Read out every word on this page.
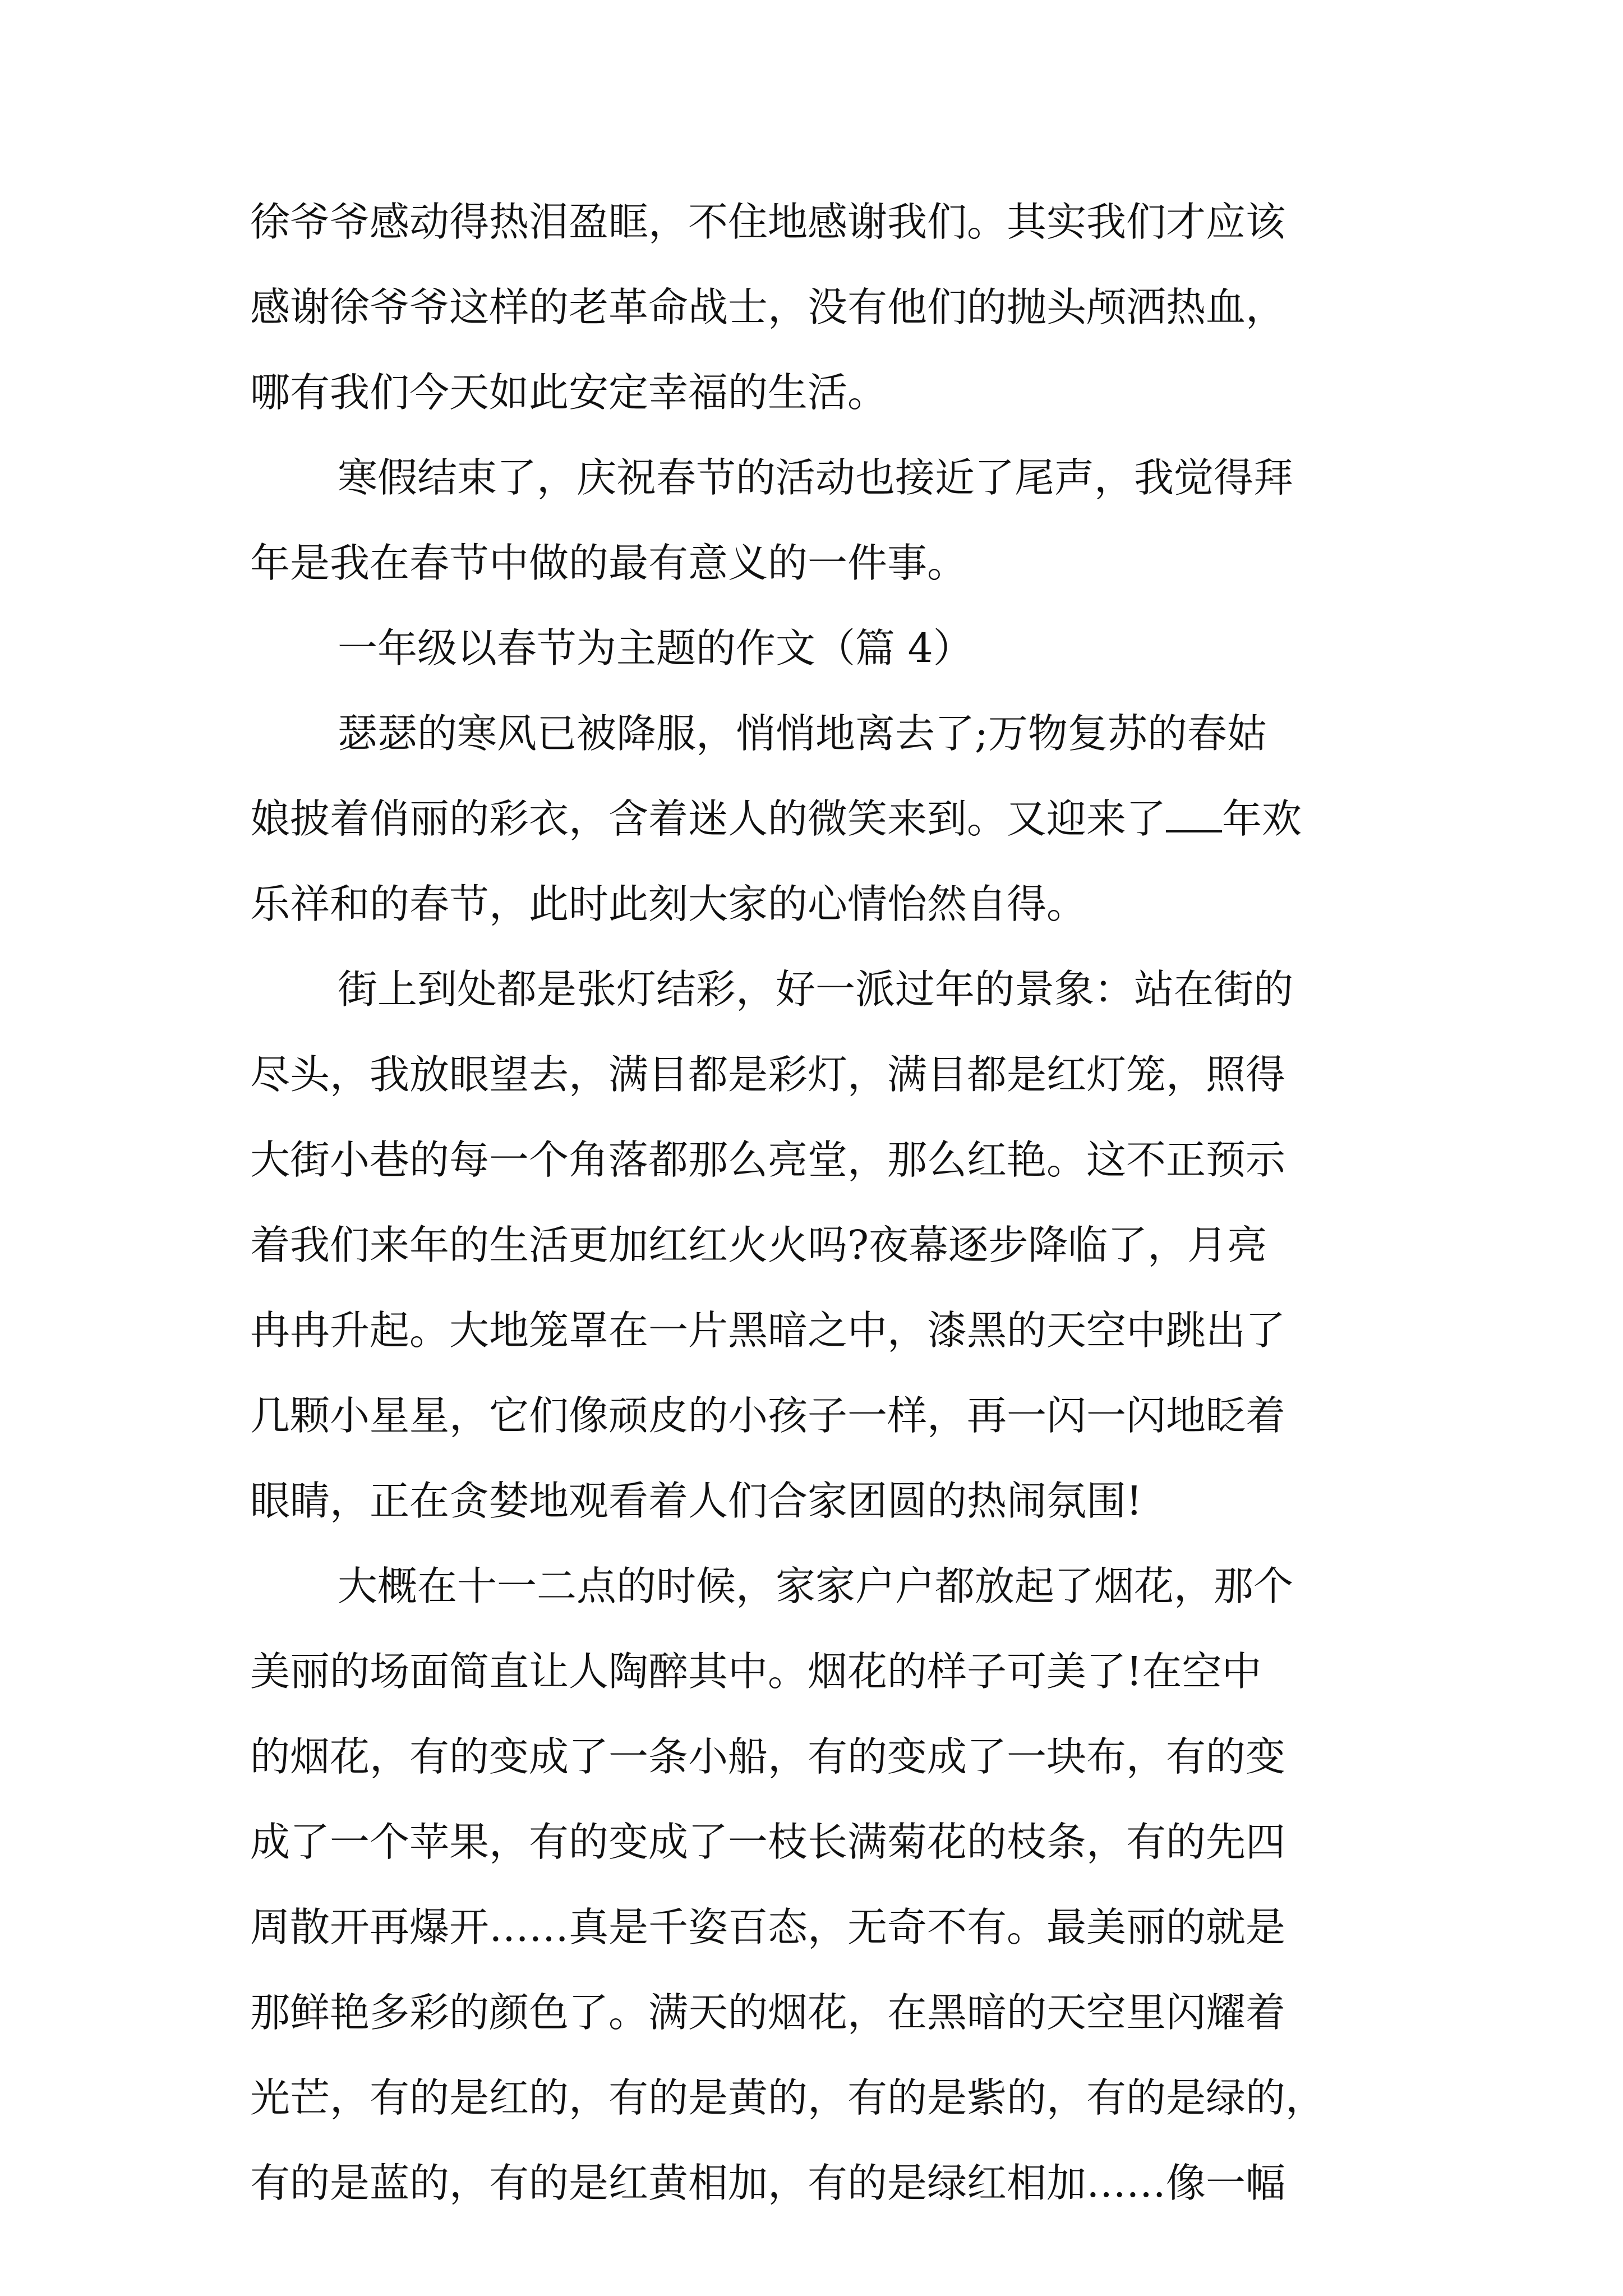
徐爷爷感动得热泪盈眶，不住地感谢我们。其实我们才应该
感谢徐爷爷这样的老革命战士，没有他们的抛头颅洒热血，
哪有我们今天如此安定幸福的生活。
寒假结束了，庆祝春节的活动也接近了尾声，我觉得拜
年是我在春节中做的最有意义的一件事。
一年级以春节为主题的作文（篇 4）
瑟瑟的寒风已被降服，悄悄地离去了;万物复苏的春姑
娘披着俏丽的彩衣，含着迷人的微笑来到。又迎来了 年欢
乐祥和的春节，此时此刻大家的心情怡然自得。
街上到处都是张灯结彩，好一派过年的景象：站在街的
尽头，我放眼望去，满目都是彩灯，满目都是红灯笼，照得
大街小巷的每一个角落都那么亮堂，那么红艳。这不正预示
着我们来年的生活更加红红火火吗?夜幕逐步降临了，月亮
冉冉升起。大地笼罩在一片黑暗之中，漆黑的天空中跳出了
几颗小星星，它们像顽皮的小孩子一样，再一闪一闪地眨着
眼睛，正在贪婪地观看着人们合家团圆的热闹氛围!
大概在十一二点的时候，家家户户都放起了烟花，那个
美丽的场面简直让人陶醉其中。烟花的样子可美了!在空中
的烟花，有的变成了一条小船，有的变成了一块布，有的变
成了一个苹果，有的变成了一枝长满菊花的枝条，有的先四
周散开再爆开……真是千姿百态，无奇不有。最美丽的就是
那鲜艳多彩的颜色了。满天的烟花，在黑暗的天空里闪耀着
光芒，有的是红的，有的是黄的，有的是紫的，有的是绿的，
有的是蓝的，有的是红黄相加，有的是绿红相加……像一幅
